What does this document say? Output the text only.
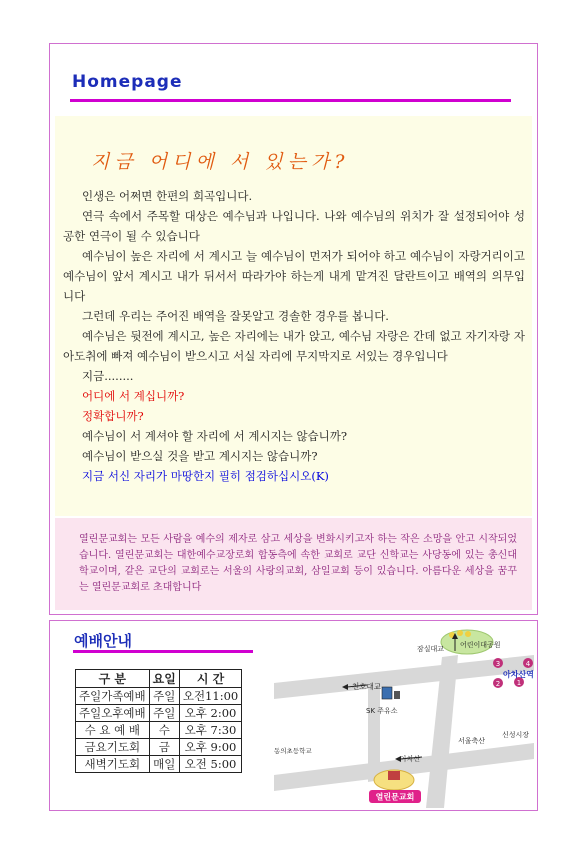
Homepage
지금 어디에 서 있는가?

인생은 어쩌면 한편의 희곡입니다.

연극 속에서 주목할 대상은 예수님과 나입니다. 나와 예수님의 위치가 잘 설정되어야 성공한 연극이 될 수 있습니다

예수님이 높은 자리에 서 계시고 늘 예수님이 먼저가 되어야 하고 예수님이 자랑거리이고 예수님이 앞서 계시고 내가 뒤서서 따라가야 하는게 내게 맡겨진 달란트이고 배역의 의무입니다

그런데 우리는 주어진 배역을 잘못알고 경솔한 경우를 봅니다.

예수님은 뒷전에 계시고, 높은 자리에는 내가 앉고, 예수님 자랑은 간데 없고 자기자랑 자아도취에 빠져 예수님이 받으시고 서실 자리에 무지막지로 서있는 경우입니다

지금........

어디에 서 계십니까?

정확합니까?

예수님이 서 계셔야 할 자리에 서 계시지는 않습니까?

예수님이 받으실 것을 받고 계시지는 않습니까?

지금 서신 자리가 마땅한지 필히 점검하십시오(K)

열린문교회는 모든 사람을 예수의 제자로 삼고 세상을 변화시키고자 하는 작은 소망을 안고 시작되었습니다. 열린문교회는 대한예수교장로회 합동측에 속한 교회로 교단 신학교는 사당동에 있는 총신대학교이며, 같은 교단의 교회로는 서울의 사랑의교회, 삼일교회 등이 있습니다. 아름다운 세상을 꿈꾸는 열린문교회로 초대합니다
예배안내
구 분	요일	시 간
주일가족예배	주일	오전11:00
주일오후예배	주일	오후 2:00
수 요 예 배	수	오후 7:30
금요기도회	금	오후 9:00
새벽기도회	매일	오전 5:00
3
2 1
4
잠실대교 어린이대공원
천호대교
아차산역
SK 주유소
서울축산
신성시장
동의초등학교
아차산
열린문교회
